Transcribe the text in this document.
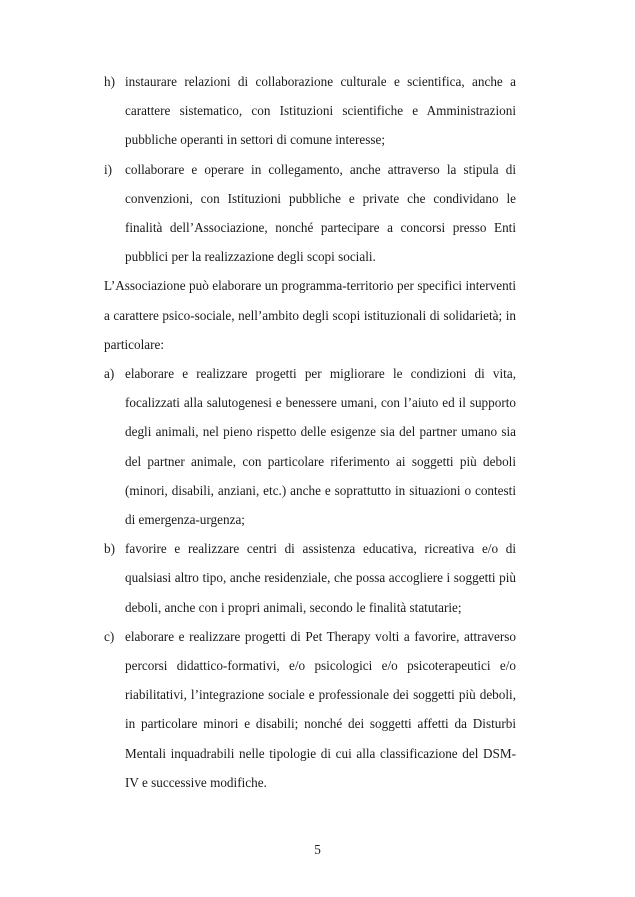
h) instaurare relazioni di collaborazione culturale e scientifica, anche a carattere sistematico, con Istituzioni scientifiche e Amministrazioni pubbliche operanti in settori di comune interesse;
i) collaborare e operare in collegamento, anche attraverso la stipula di convenzioni, con Istituzioni pubbliche e private che condividano le finalità dell’Associazione, nonché partecipare a concorsi presso Enti pubblici per la realizzazione degli scopi sociali.
L’Associazione può elaborare un programma-territorio per specifici interventi a carattere psico-sociale, nell’ambito degli scopi istituzionali di solidarietà; in particolare:
a) elaborare e realizzare progetti per migliorare le condizioni di vita, focalizzati alla salutogenesi e benessere umani, con l’aiuto ed il supporto degli animali, nel pieno rispetto delle esigenze sia del partner umano sia del partner animale, con particolare riferimento ai soggetti più deboli (minori, disabili, anziani, etc.) anche e soprattutto in situazioni o contesti di emergenza-urgenza;
b) favorire e realizzare centri di assistenza educativa, ricreativa e/o di qualsiasi altro tipo, anche residenziale, che possa accogliere i soggetti più deboli, anche con i propri animali, secondo le finalità statutarie;
c) elaborare e realizzare progetti di Pet Therapy volti a favorire, attraverso percorsi didattico-formativi, e/o psicologici e/o psicoterapeutici e/o riabilitativi, l’integrazione sociale e professionale dei soggetti più deboli, in particolare minori e disabili; nonché dei soggetti affetti da Disturbi Mentali inquadrabili nelle tipologie di cui alla classificazione del DSM-IV e successive modifiche.
5
